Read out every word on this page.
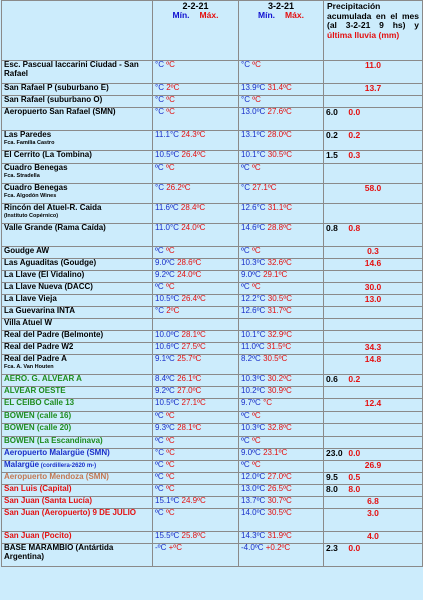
	2-2-21
Mín. Máx.	3-2-21
Mín. Máx.	Precipitación acumulada en el mes (al 3-2-21 9 hs) y última lluvia (mm)

Esc. Pascual Iaccarini Ciudad - San Rafael	°C ºC	°C ºC	11.0

San Rafael P (suburbano E)	°C 2ºC	13.9ºC 31.4ºC	13.7

San Rafael (suburbano O)	°C ºC	°C ºC	

Aeropuerto San Rafael (SMN)	°C ºC	13.0ºC 27.6ºC	6.0 0.0

Las Paredes
Fca. Familia Castro	11.1°C 24.3ºC	13.1ºC 28.0ºC	0.2 0.2

El Cerrito (La Tombina)	10.5ºC 26.4ºC	10.1°C 30.5ºC	1.5 0.3

Cuadro Benegas
Fca. Stradella	ºC ºC	ºC ºC	

Cuadro Benegas
Fca. Algodón Wines	°C 26.2ºC	°C 27.1ºC	58.0

Rincón del Atuel-R. Caida
(Instituto Copérnico)	11.6ºC 28.4ºC	12.6°C 31.1ºC	

Valle Grande (Rama Caída)	11.0°C 24.0ºC	14.6ºC 28.8ºC	0.8 0.8

Goudge AW	ºC ºC	ºC ºC	0.3

Las Aguaditas (Goudge)	9.0ºC 28.6ºC	10.3ºC 32.6ºC	14.6

La Llave (El Vidalino)	9.2ºC 24.0ºC	9.0ºC 29.1ºC	

La Llave Nueva (DACC)	ºC ºC	ºC ºC	30.0

La Llave Vieja	10.5ºC 26.4ºC	12.2°C 30.5ºC	13.0

La Guevarina INTA	°C 2ºC	12.6ºC 31.7ºC	

Villa Atuel W			

Real del Padre (Belmonte)	10.0ºC 28.1ºC	10.1°C 32.9ºC	

Real del Padre W2	10.6ºC 27.5ºC	11.0ºC 31.5ºC	34.3

Real del Padre A
Fca. A. Van Houten	9.1ºC 25.7ºC	8.2ºC 30.5ºC	14.8

AERO. G. ALVEAR A	8.4ºC 26.1ºC	10.3ºC 30.2ºC	0.6 0.2

ALVEAR OESTE	9.2ºC 27.0ºC	10.2ºC 30.9ºC	

EL CEIBO Calle 13	10.5ºC 27.1ºC	9.7ºC °C	12.4

BOWEN (calle 16)	ºC ºC	ºC ºC	

BOWEN (calle 20)	9.3ºC 28.1ºC	10.3ºC 32.8ºC	

BOWEN (La Escandinava)	ºC ºC	ºC ºC	

Aeropuerto Malargüe (SMN)	°C ºC	9.0ºC 23.1ºC	23.0 0.0
Malargüe (cordillera-2620 m-)	ºC ºC	ºC ºC	26.9

Aeropuerto Mendoza (SMN)	ºC ºC	12.0ºC 27.0ºC	9.5 0.5

San Luis (Capital)	ºC ºC	13.0ºC 26.5ºC	8.0 8.0

San Juan (Santa Lucía)	15.1ºC 24.9ºC	13.7ºC 30.7ºC	6.8

San Juan (Aeropuerto) 9 DE JULIO	ºC ºC	14.0ºC 30.5ºC	3.0

San Juan (Pocito)	15.5ºC 25.8ºC	14.3ºC 31.9ºC	4.0

BASE MARAMBIO (Antártida Argentina)	-ºC +ºC	-4.0ºC +0.2ºC	2.3 0.0
